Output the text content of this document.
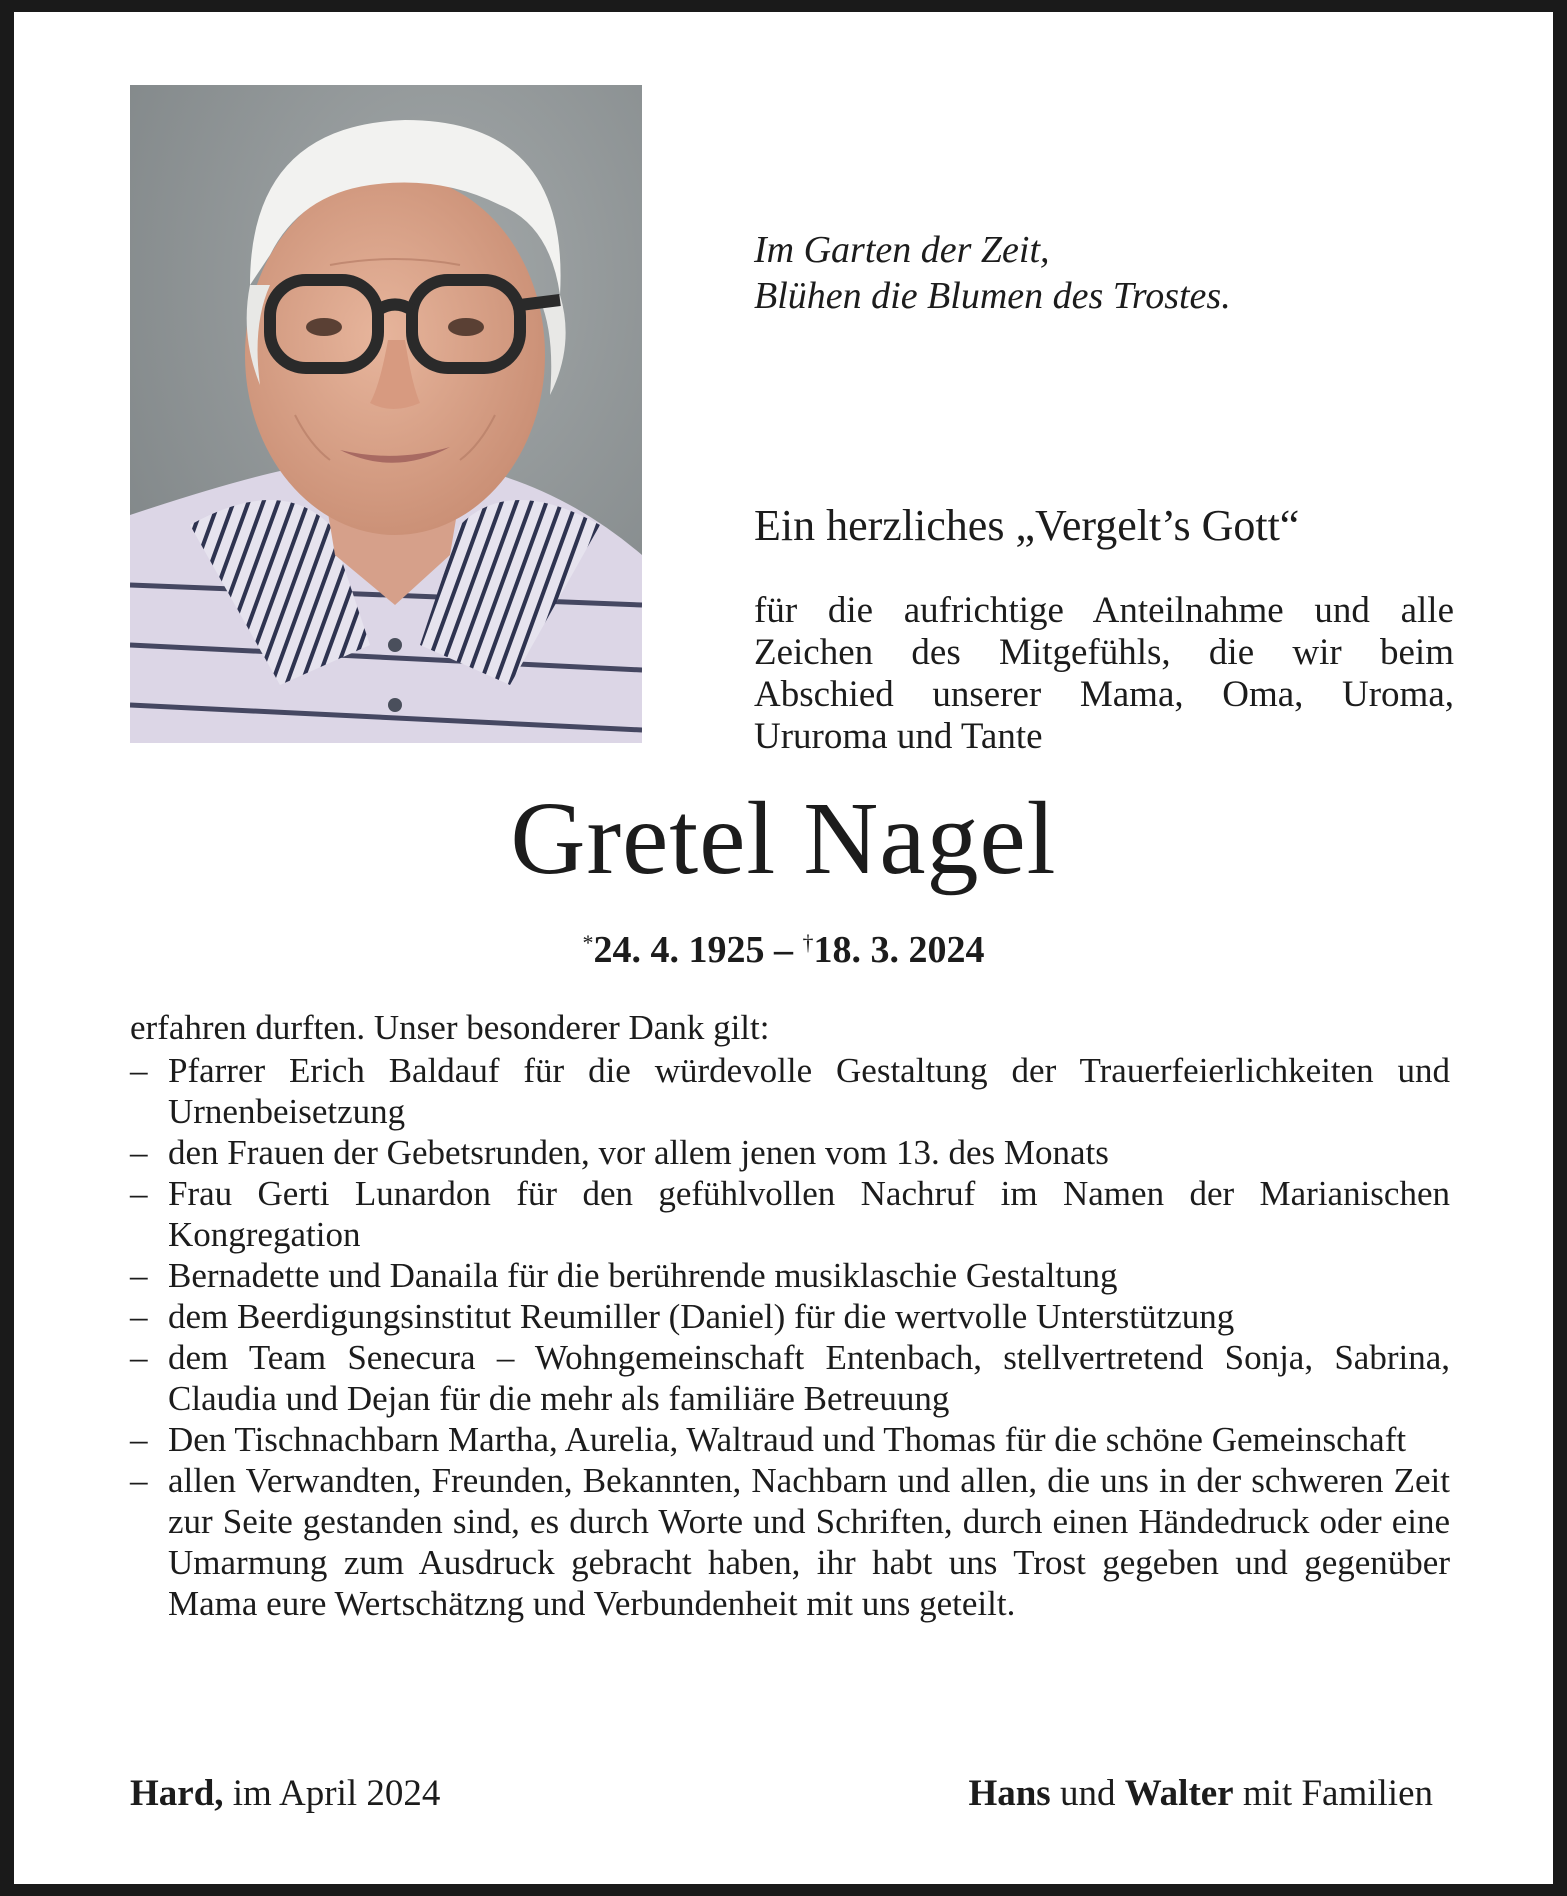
Im Garten der Zeit,
Blühen die Blumen des Trostes.
Ein herzliches „Vergelt’s Gott“
für die aufrichtige Anteilnahme und alle
Zeichen des Mitgefühls, die wir beim
Abschied unserer Mama, Oma, Uroma,
Ururoma und Tante
Gretel Nagel
*24. 4. 1925 – †18. 3. 2024
erfahren durften. Unser besonderer Dank gilt:
– Pfarrer Erich Baldauf für die würdevolle Gestaltung der Trauerfeierlichkeiten und Urnenbeisetzung
– den Frauen der Gebetsrunden, vor allem jenen vom 13. des Monats
– Frau Gerti Lunardon für den gefühlvollen Nachruf im Namen der Marianischen Kongregation
– Bernadette und Danaila für die berührende musiklaschie Gestaltung
– dem Beerdigungsinstitut Reumiller (Daniel) für die wertvolle Unterstützung
– dem Team Senecura – Wohngemeinschaft Entenbach, stellvertretend Sonja, Sabrina, Claudia und Dejan für die mehr als familiäre Betreuung
– Den Tischnachbarn Martha, Aurelia, Waltraud und Thomas für die schöne Gemeinschaft
– allen Verwandten, Freunden, Bekannten, Nachbarn und allen, die uns in der schweren Zeit zur Seite gestanden sind, es durch Worte und Schriften, durch einen Händedruck oder eine Umarmung zum Ausdruck gebracht haben, ihr habt uns Trost gegeben und gegenüber Mama eure Wertschätzng und Verbundenheit mit uns geteilt.
Hard, im April 2024	Hans und Walter mit Familien
